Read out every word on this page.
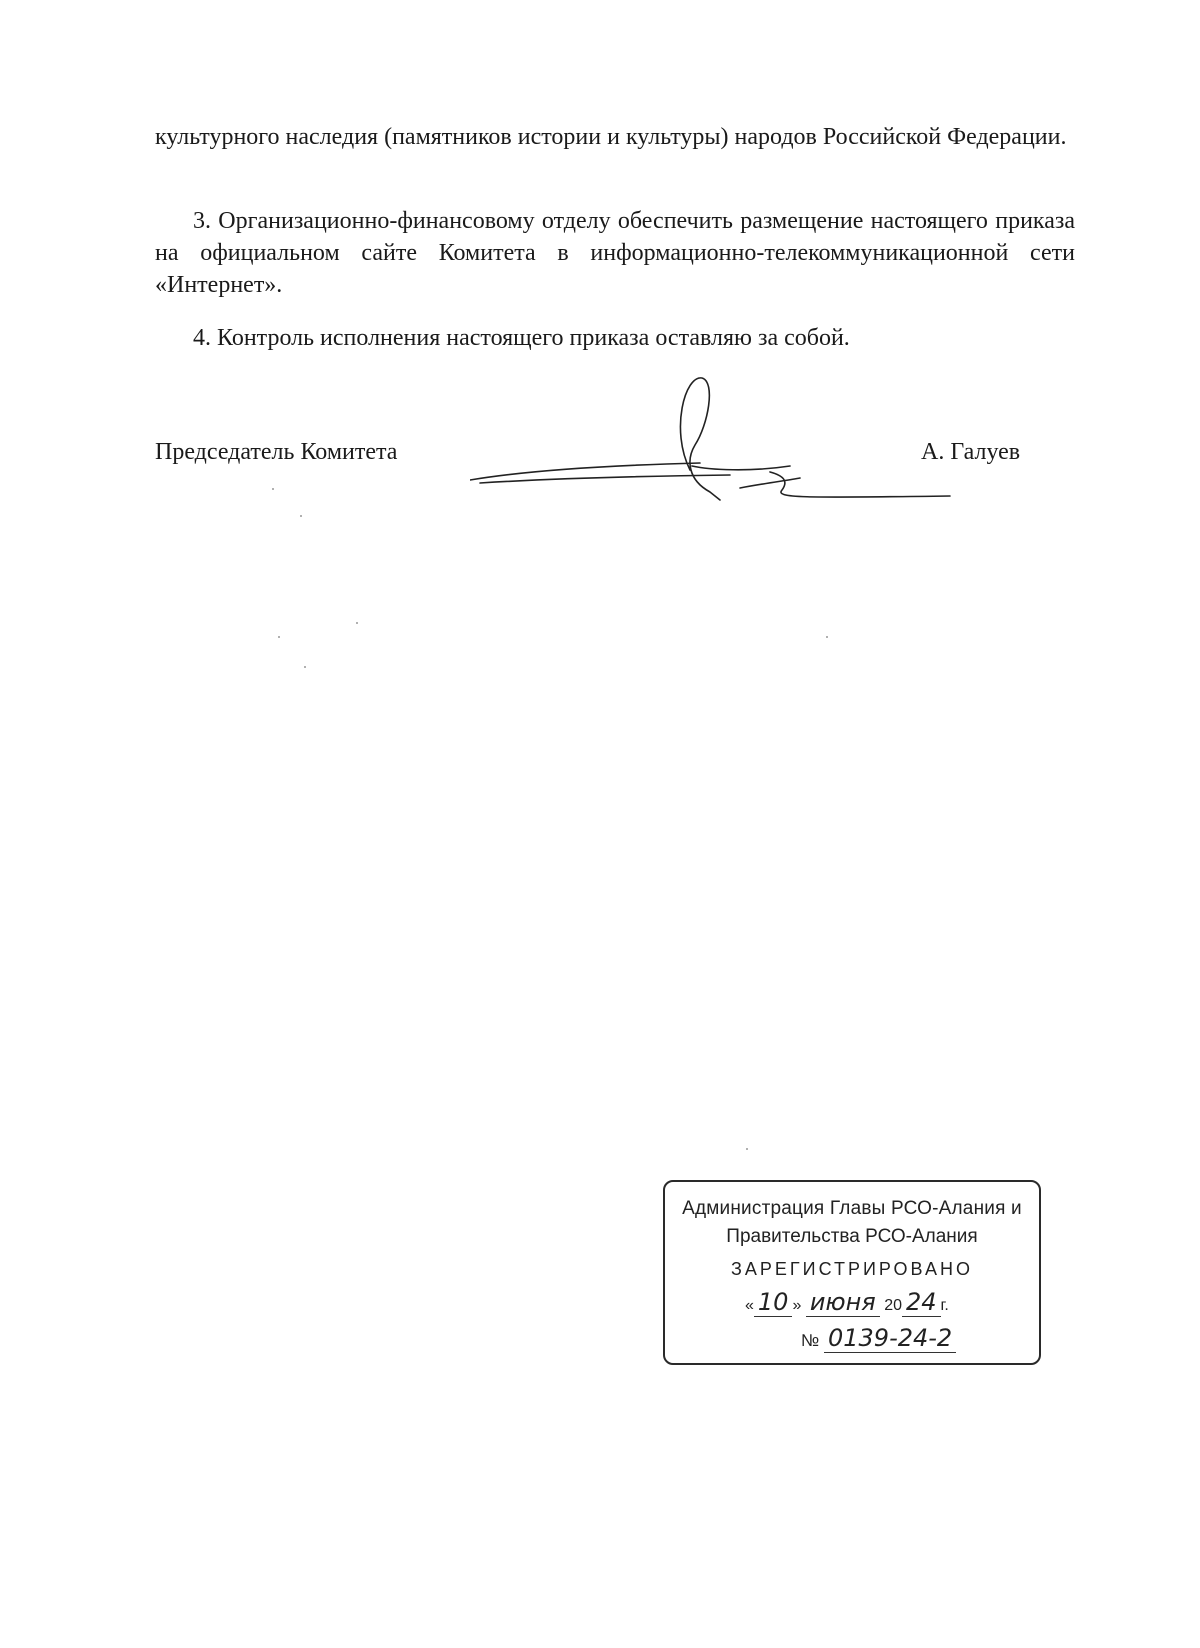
культурного наследия (памятников истории и культуры) народов Российской Федерации.

3. Организационно-финансовому отделу обеспечить размещение настоящего приказа на официальном сайте Комитета в информационно-телекоммуникационной сети «Интернет».

4. Контроль исполнения настоящего приказа оставляю за собой.

Председатель Комитета	А. Галуев
Администрация Главы РСО-Алания и
Правительства РСО-Алания
ЗАРЕГИСТРИРОВАНО
« 10 » июня 20 24 г.
№ 0139-24-2
